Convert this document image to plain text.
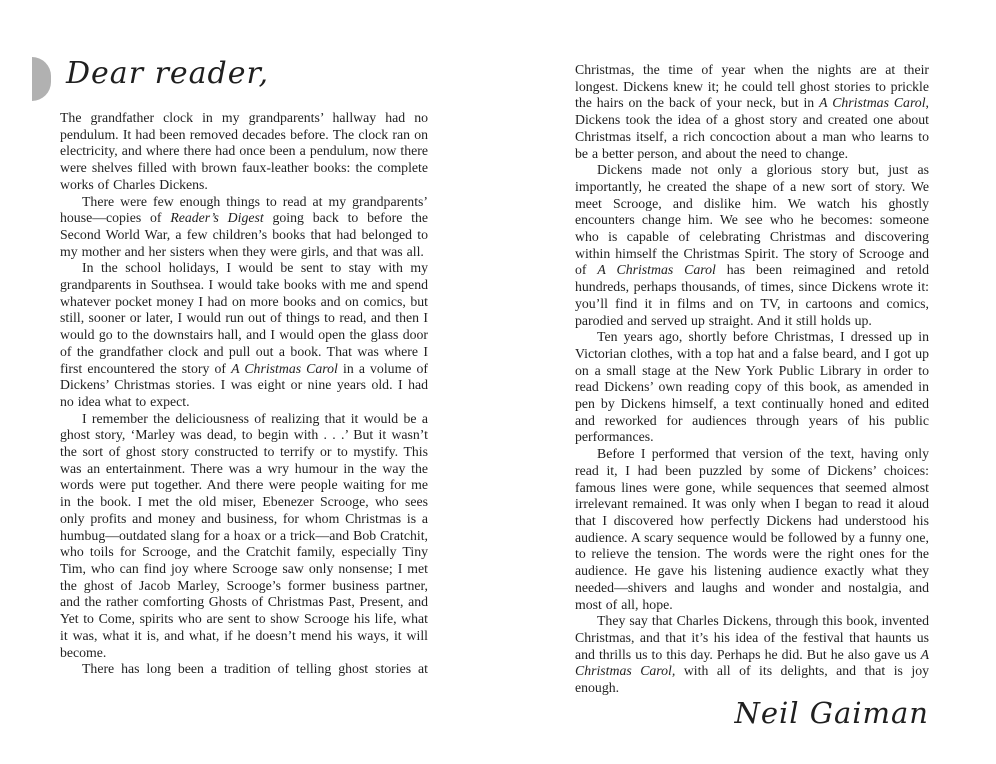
Dear reader,

The grandfather clock in my grandparents’ hallway had no pendulum. It had been removed decades before. The clock ran on electricity, and where there had once been a pendulum, now there were shelves filled with brown faux-leather books: the complete works of Charles Dickens.

There were few enough things to read at my grandparents’ house—copies of Reader’s Digest going back to before the Second World War, a few children’s books that had belonged to my mother and her sisters when they were girls, and that was all.

In the school holidays, I would be sent to stay with my grandparents in Southsea. I would take books with me and spend whatever pocket money I had on more books and on comics, but still, sooner or later, I would run out of things to read, and then I would go to the downstairs hall, and I would open the glass door of the grandfather clock and pull out a book. That was where I first encountered the story of A Christmas Carol in a volume of Dickens’ Christmas stories. I was eight or nine years old. I had no idea what to expect.

I remember the deliciousness of realizing that it would be a ghost story, ‘Marley was dead, to begin with . . .’ But it wasn’t the sort of ghost story constructed to terrify or to mystify. This was an entertainment. There was a wry humour in the way the words were put together. And there were people waiting for me in the book. I met the old miser, Ebenezer Scrooge, who sees only profits and money and business, for whom Christmas is a humbug—outdated slang for a hoax or a trick—and Bob Cratchit, who toils for Scrooge, and the Cratchit family, especially Tiny Tim, who can find joy where Scrooge saw only nonsense; I met the ghost of Jacob Marley, Scrooge’s former business partner, and the rather comforting Ghosts of Christmas Past, Present, and Yet to Come, spirits who are sent to show Scrooge his life, what it was, what it is, and what, if he doesn’t mend his ways, it will become.

There has long been a tradition of telling ghost stories at

Christmas, the time of year when the nights are at their longest. Dickens knew it; he could tell ghost stories to prickle the hairs on the back of your neck, but in A Christmas Carol, Dickens took the idea of a ghost story and created one about Christmas itself, a rich concoction about a man who learns to be a better person, and about the need to change.

Dickens made not only a glorious story but, just as importantly, he created the shape of a new sort of story. We meet Scrooge, and dislike him. We watch his ghostly encounters change him. We see who he becomes: someone who is capable of celebrating Christmas and discovering within himself the Christmas Spirit. The story of Scrooge and of A Christmas Carol has been reimagined and retold hundreds, perhaps thousands, of times, since Dickens wrote it: you’ll find it in films and on TV, in cartoons and comics, parodied and served up straight. And it still holds up.

Ten years ago, shortly before Christmas, I dressed up in Victorian clothes, with a top hat and a false beard, and I got up on a small stage at the New York Public Library in order to read Dickens’ own reading copy of this book, as amended in pen by Dickens himself, a text continually honed and edited and reworked for audiences through years of his public performances.

Before I performed that version of the text, having only read it, I had been puzzled by some of Dickens’ choices: famous lines were gone, while sequences that seemed almost irrelevant remained. It was only when I began to read it aloud that I discovered how perfectly Dickens had understood his audience. A scary sequence would be followed by a funny one, to relieve the tension. The words were the right ones for the audience. He gave his listening audience exactly what they needed—shivers and laughs and wonder and nostalgia, and most of all, hope.

They say that Charles Dickens, through this book, invented Christmas, and that it’s his idea of the festival that haunts us and thrills us to this day. Perhaps he did. But he also gave us A Christmas Carol, with all of its delights, and that is joy enough.

Neil Gaiman
